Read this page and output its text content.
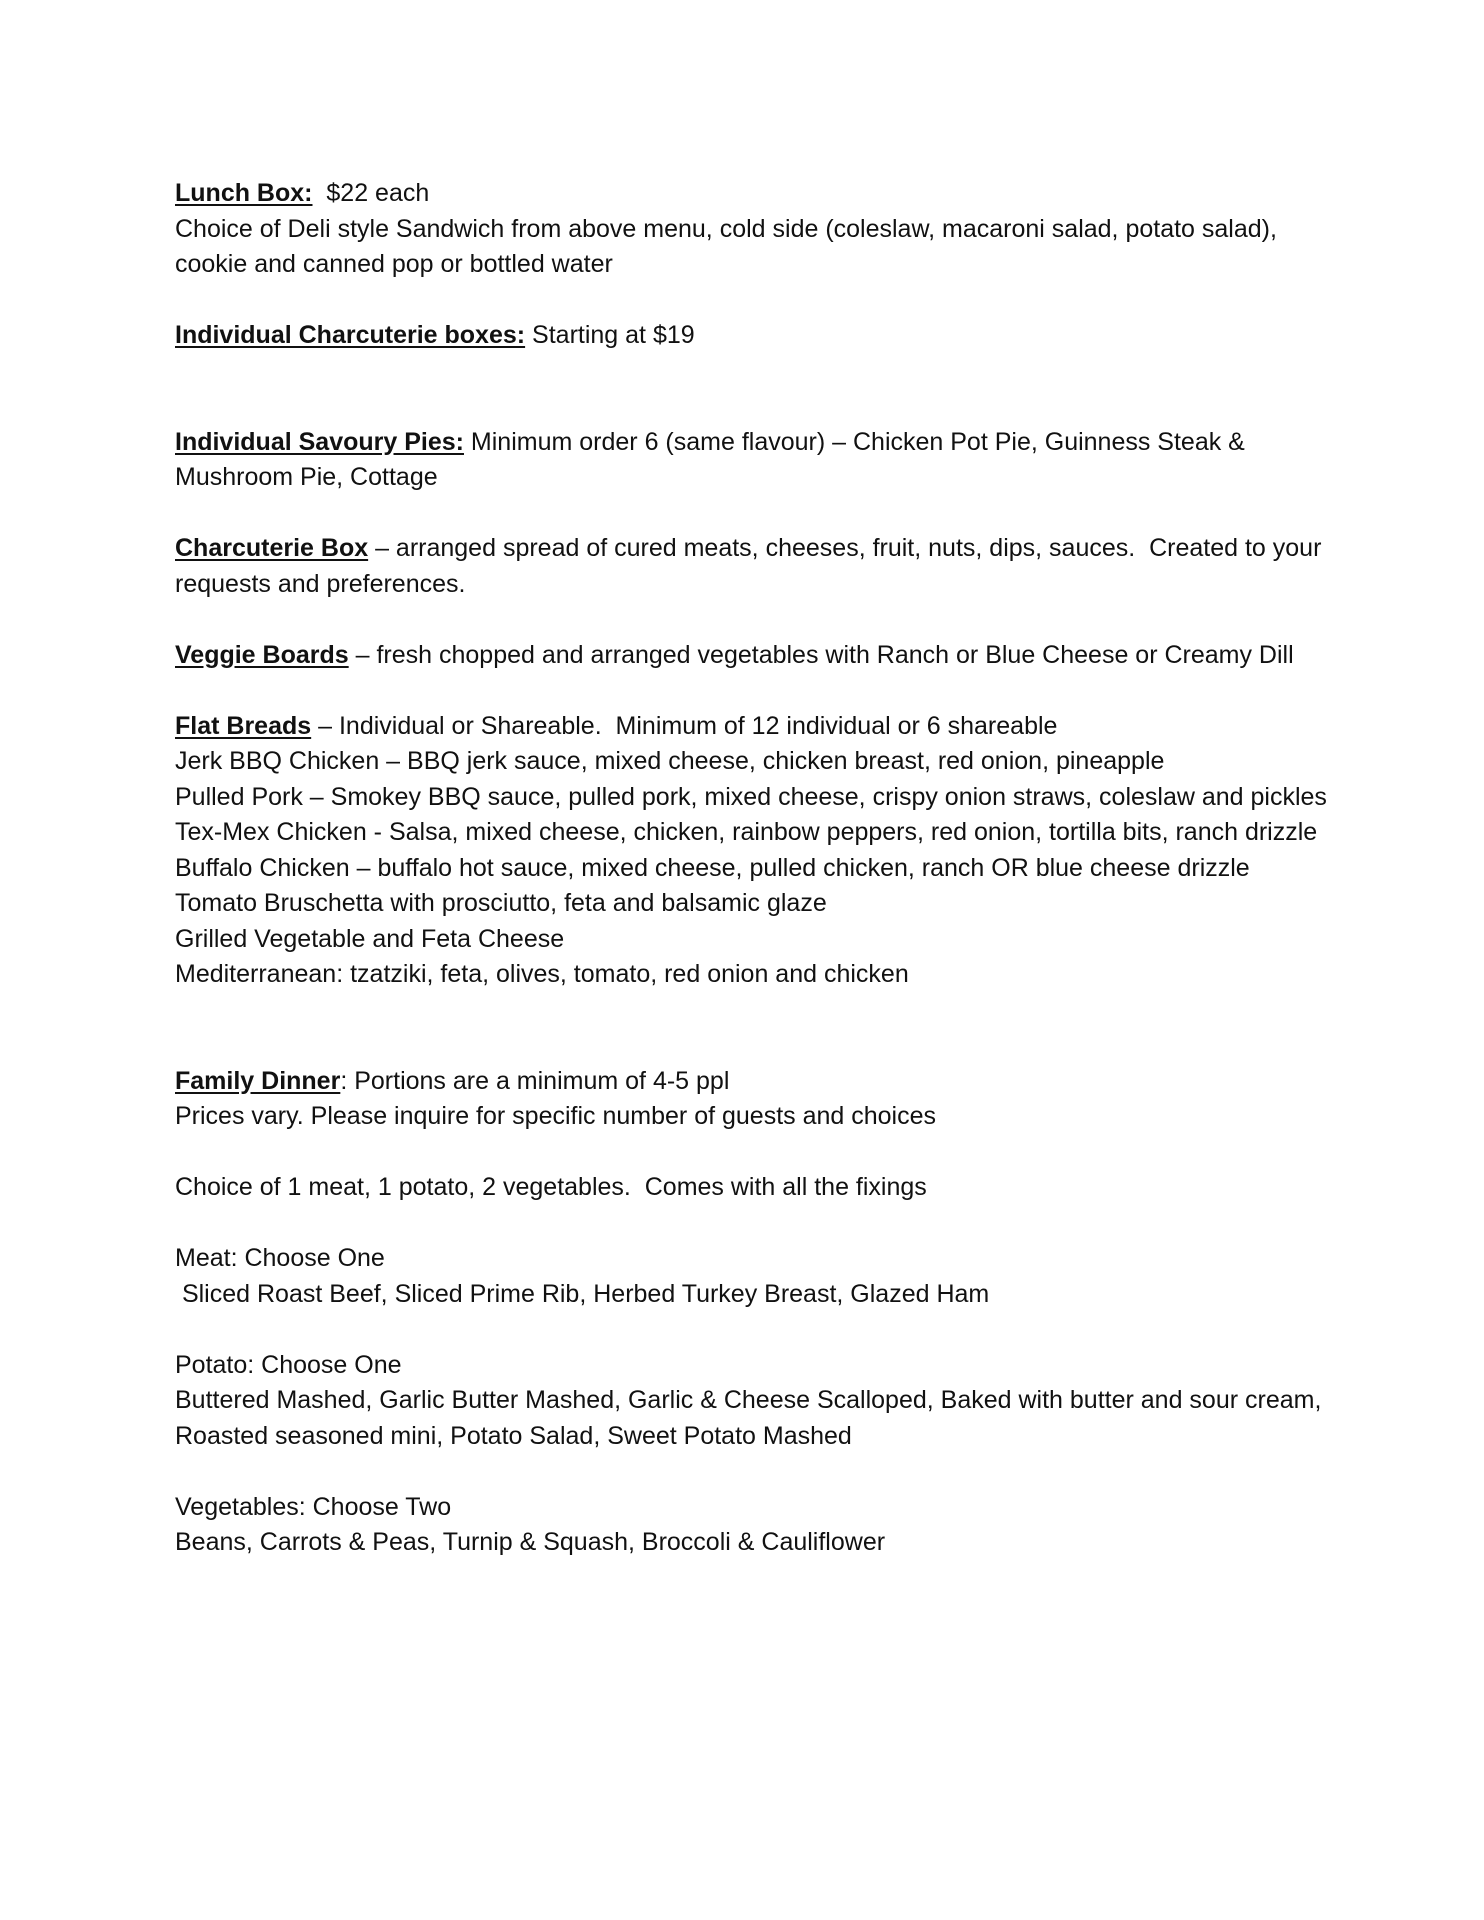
Lunch Box:  $22 each

Choice of Deli style Sandwich from above menu, cold side (coleslaw, macaroni salad, potato salad), cookie and canned pop or bottled water

Individual Charcuterie boxes: Starting at $19

Individual Savoury Pies: Minimum order 6 (same flavour) – Chicken Pot Pie, Guinness Steak & Mushroom Pie, Cottage

Charcuterie Box – arranged spread of cured meats, cheeses, fruit, nuts, dips, sauces.  Created to your requests and preferences.

Veggie Boards – fresh chopped and arranged vegetables with Ranch or Blue Cheese or Creamy Dill

Flat Breads – Individual or Shareable.  Minimum of 12 individual or 6 shareable

Jerk BBQ Chicken – BBQ jerk sauce, mixed cheese, chicken breast, red onion, pineapple

Pulled Pork – Smokey BBQ sauce, pulled pork, mixed cheese, crispy onion straws, coleslaw and pickles

Tex-Mex Chicken - Salsa, mixed cheese, chicken, rainbow peppers, red onion, tortilla bits, ranch drizzle

Buffalo Chicken – buffalo hot sauce, mixed cheese, pulled chicken, ranch OR blue cheese drizzle

Tomato Bruschetta with prosciutto, feta and balsamic glaze

Grilled Vegetable and Feta Cheese

Mediterranean: tzatziki, feta, olives, tomato, red onion and chicken

Family Dinner: Portions are a minimum of 4-5 ppl

Prices vary. Please inquire for specific number of guests and choices

Choice of 1 meat, 1 potato, 2 vegetables.  Comes with all the fixings

Meat: Choose One

Sliced Roast Beef, Sliced Prime Rib, Herbed Turkey Breast, Glazed Ham

Potato: Choose One

Buttered Mashed, Garlic Butter Mashed, Garlic & Cheese Scalloped, Baked with butter and sour cream, Roasted seasoned mini, Potato Salad, Sweet Potato Mashed

Vegetables: Choose Two

Beans, Carrots & Peas, Turnip & Squash, Broccoli & Cauliflower
